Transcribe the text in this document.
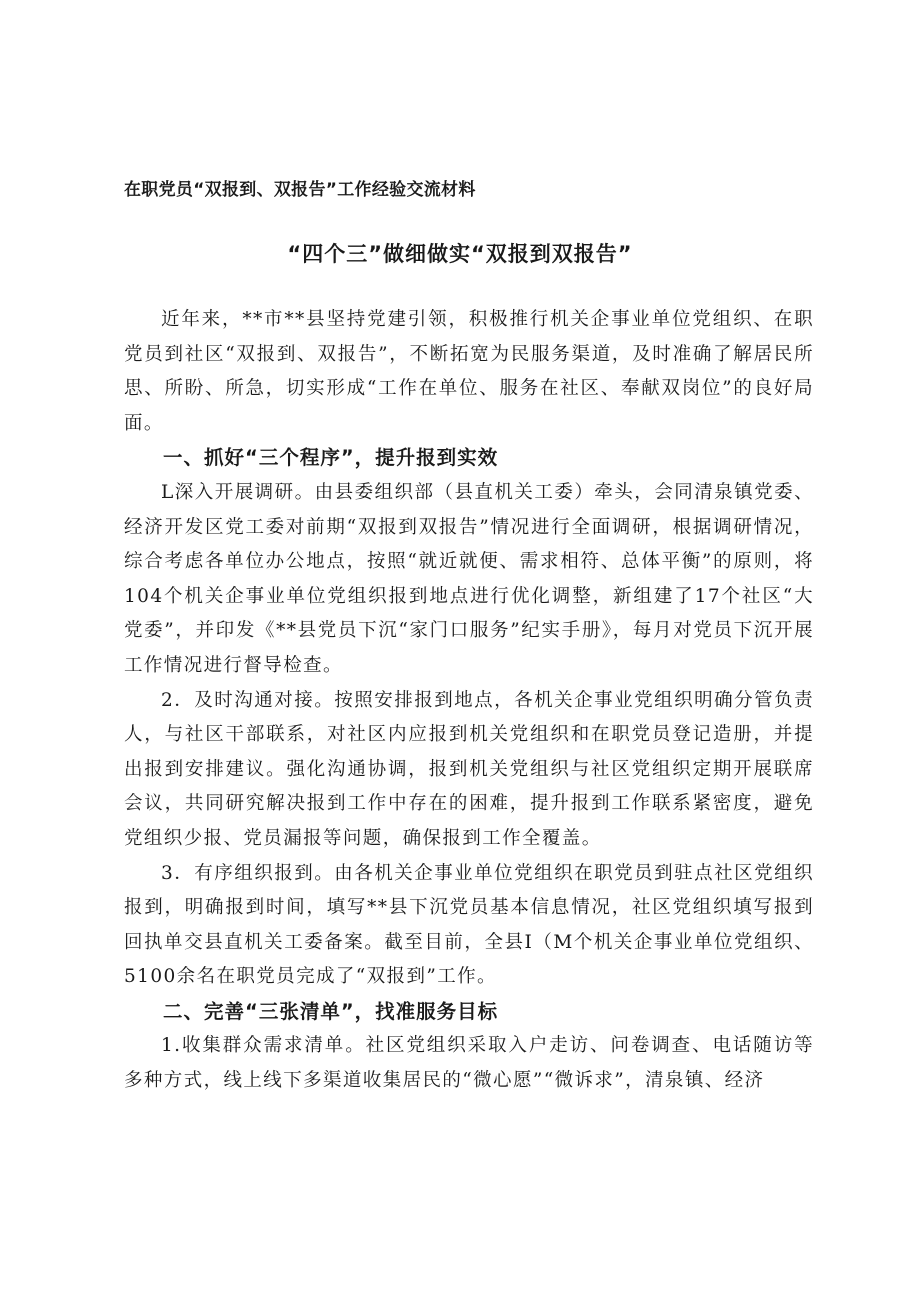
在职党员“双报到、双报告”工作经验交流材料
“四个三”做细做实“双报到双报告”

近年来，**市**县坚持党建引领，积极推行机关企事业单位党组织、在职党员到社区“双报到、双报告”，不断拓宽为民服务渠道，及时准确了解居民所思、所盼、所急，切实形成“工作在单位、服务在社区、奉献双岗位”的良好局面。

一、抓好“三个程序”，提升报到实效

L深入开展调研。由县委组织部（县直机关工委）牵头，会同清泉镇党委、经济开发区党工委对前期“双报到双报告”情况进行全面调研，根据调研情况，综合考虑各单位办公地点，按照“就近就便、需求相符、总体平衡”的原则，将104个机关企事业单位党组织报到地点进行优化调整，新组建了17个社区“大党委”，并印发《**县党员下沉“家门口服务”纪实手册》，每月对党员下沉开展工作情况进行督导检查。

2．及时沟通对接。按照安排报到地点，各机关企事业党组织明确分管负责人，与社区干部联系，对社区内应报到机关党组织和在职党员登记造册，并提出报到安排建议。强化沟通协调，报到机关党组织与社区党组织定期开展联席会议，共同研究解决报到工作中存在的困难，提升报到工作联系紧密度，避免党组织少报、党员漏报等问题，确保报到工作全覆盖。

3．有序组织报到。由各机关企事业单位党组织在职党员到驻点社区党组织报到，明确报到时间，填写**县下沉党员基本信息情况，社区党组织填写报到回执单交县直机关工委备案。截至目前，全县I（M个机关企事业单位党组织、5100余名在职党员完成了“双报到”工作。

二、完善“三张清单”，找准服务目标

1.收集群众需求清单。社区党组织采取入户走访、问卷调查、电话随访等多种方式，线上线下多渠道收集居民的“微心愿”“微诉求”，清泉镇、经济
